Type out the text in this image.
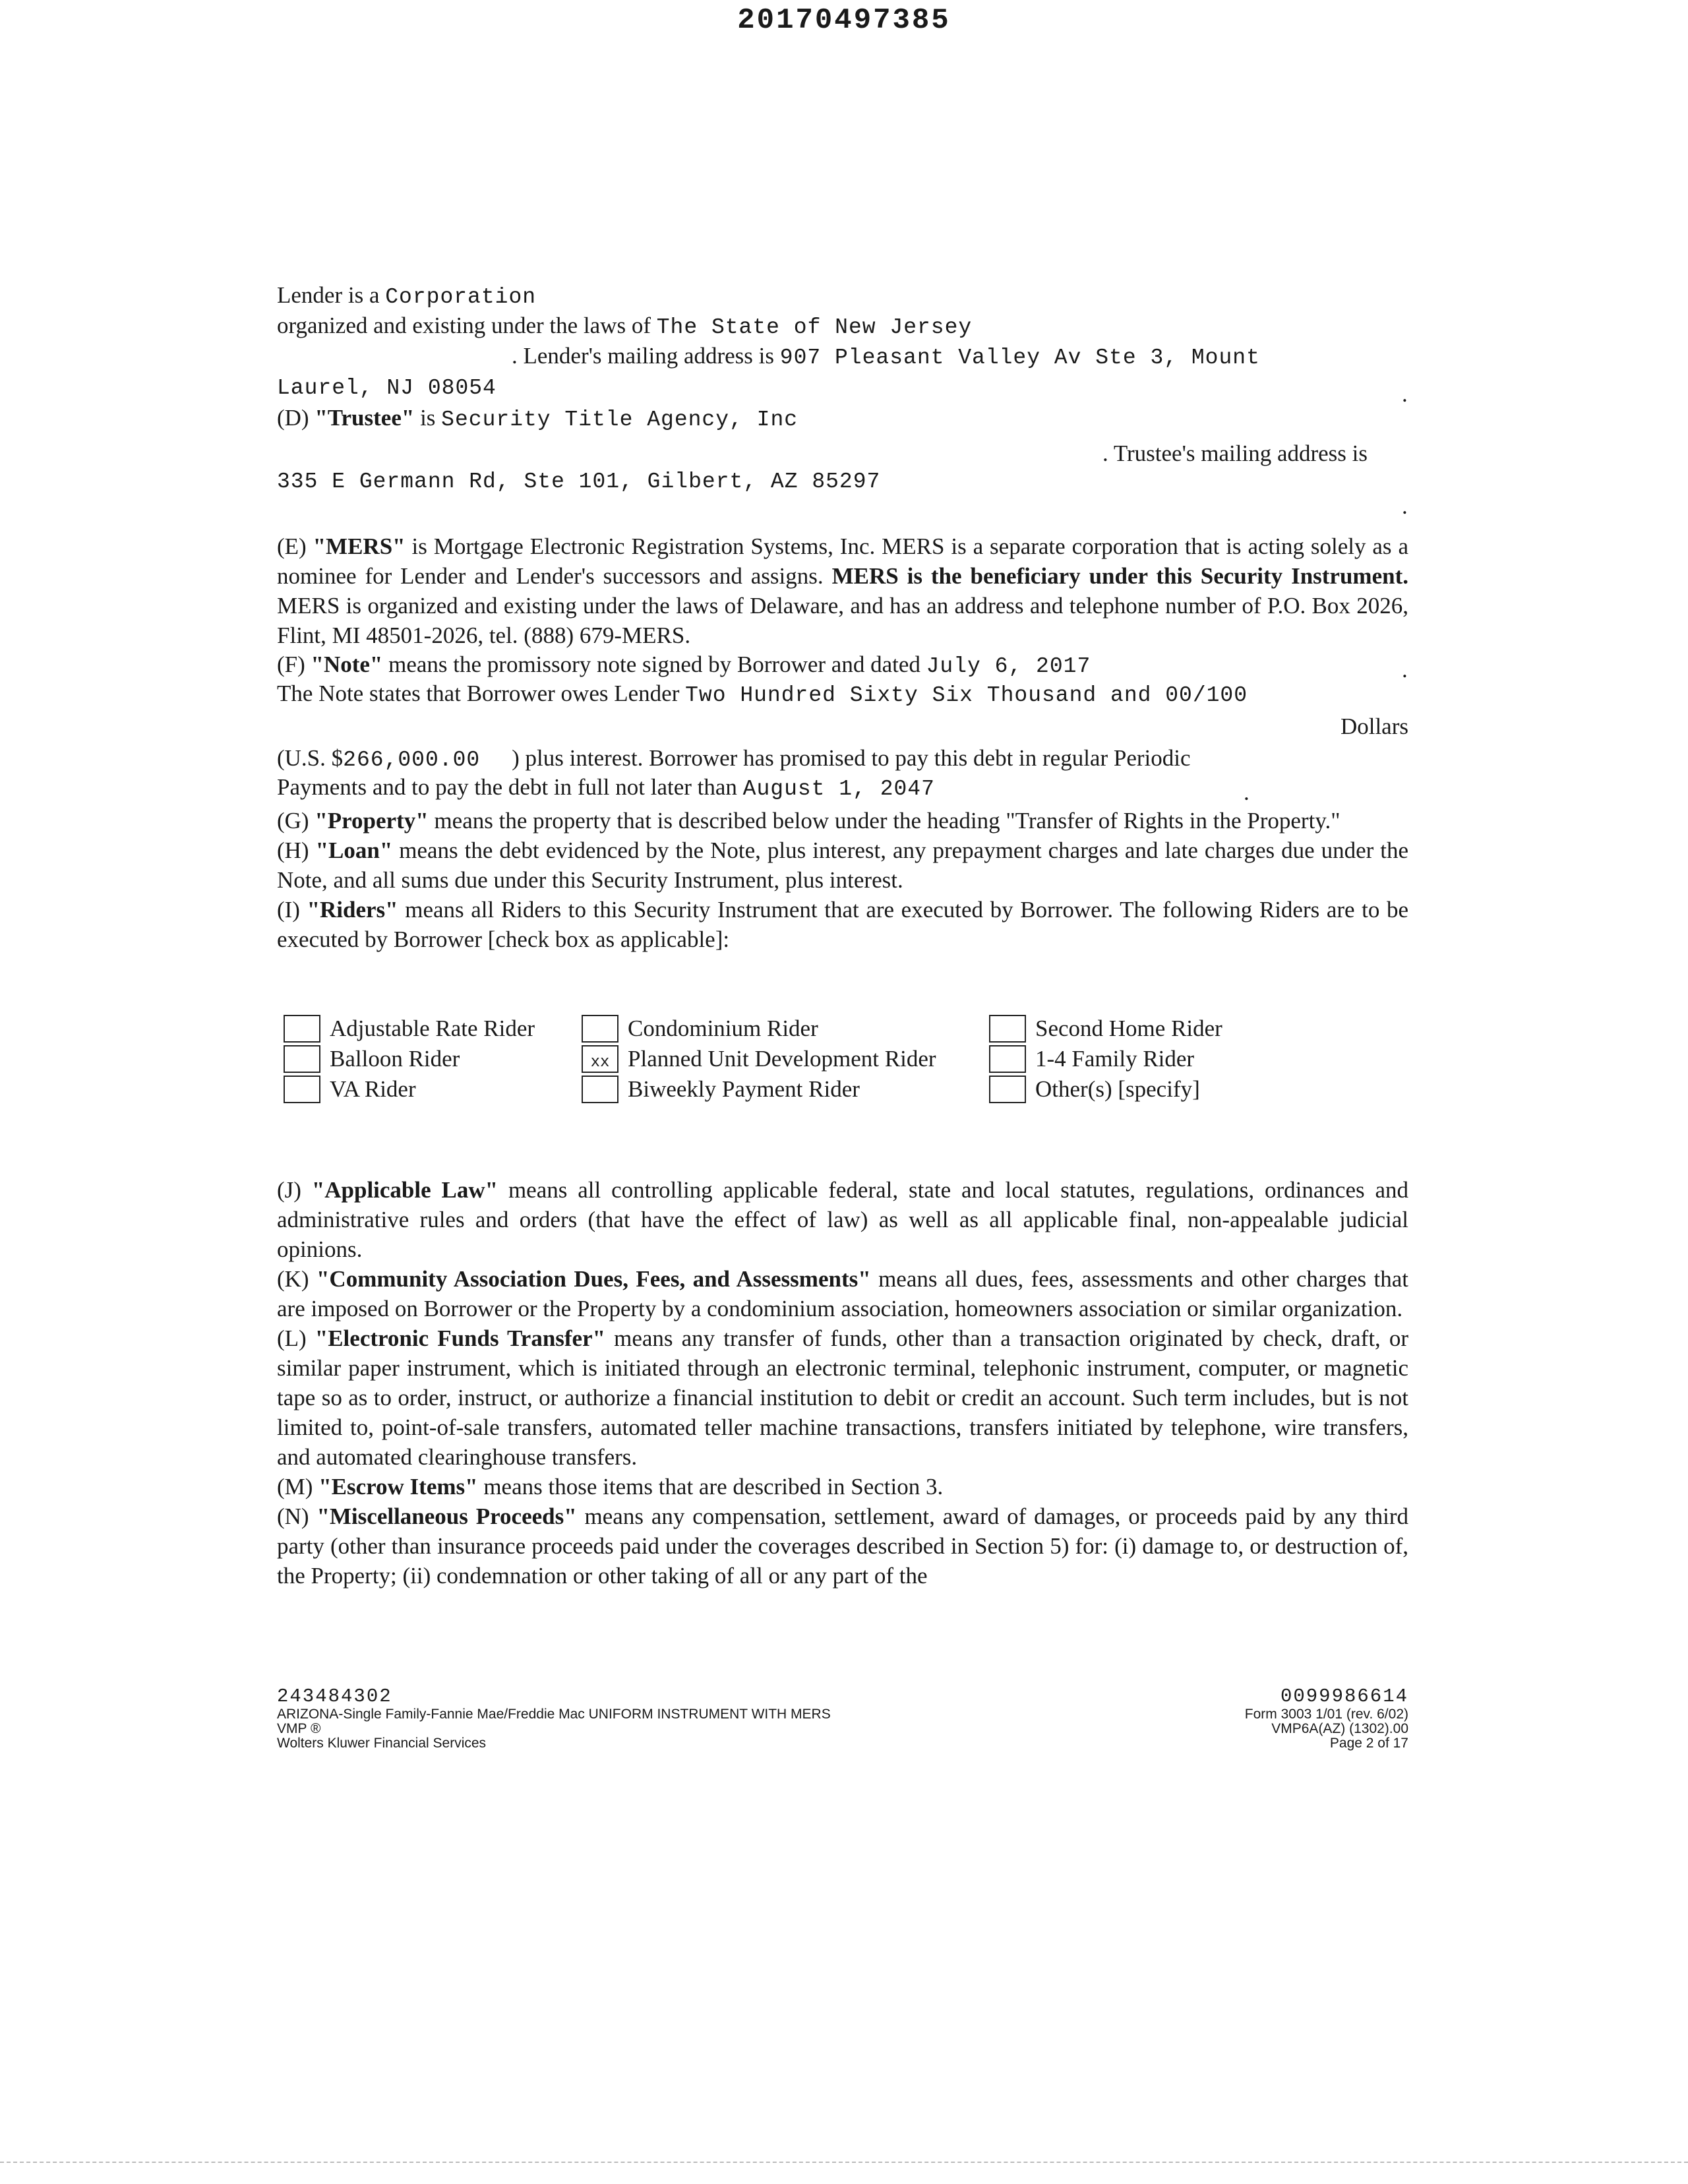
20170497385
Lender is a Corporation
organized and existing under the laws of The State of New Jersey
. Lender's mailing address is 907 Pleasant Valley Av Ste 3, Mount
Laurel, NJ 08054	.
(D) "Trustee" is Security Title Agency, Inc
. Trustee's mailing address is
335 E Germann Rd, Ste 101, Gilbert, AZ 85297
.

(E) "MERS" is Mortgage Electronic Registration Systems, Inc. MERS is a separate corporation that is acting solely as a nominee for Lender and Lender's successors and assigns. MERS is the beneficiary under this Security Instrument. MERS is organized and existing under the laws of Delaware, and has an address and telephone number of P.O. Box 2026, Flint, MI 48501-2026, tel. (888) 679-MERS.

(F) "Note" means the promissory note signed by Borrower and dated July 6, 2017	.
The Note states that Borrower owes Lender Two Hundred Sixty Six Thousand and 00/100
Dollars
(U.S. $266,000.00 ) plus interest. Borrower has promised to pay this debt in regular Periodic
Payments and to pay the debt in full not later than August 1, 2047	.

(G) "Property" means the property that is described below under the heading "Transfer of Rights in the Property."

(H) "Loan" means the debt evidenced by the Note, plus interest, any prepayment charges and late charges due under the Note, and all sums due under this Security Instrument, plus interest.

(I) "Riders" means all Riders to this Security Instrument that are executed by Borrower. The following Riders are to be executed by Borrower [check box as applicable]:

Adjustable Rate Rider
Balloon Rider
VA Rider
Condominium Rider
xx Planned Unit Development Rider
Biweekly Payment Rider
Second Home Rider
1-4 Family Rider
Other(s) [specify]

(J) "Applicable Law" means all controlling applicable federal, state and local statutes, regulations, ordinances and administrative rules and orders (that have the effect of law) as well as all applicable final, non-appealable judicial opinions.

(K) "Community Association Dues, Fees, and Assessments" means all dues, fees, assessments and other charges that are imposed on Borrower or the Property by a condominium association, homeowners association or similar organization.

(L) "Electronic Funds Transfer" means any transfer of funds, other than a transaction originated by check, draft, or similar paper instrument, which is initiated through an electronic terminal, telephonic instrument, computer, or magnetic tape so as to order, instruct, or authorize a financial institution to debit or credit an account. Such term includes, but is not limited to, point-of-sale transfers, automated teller machine transactions, transfers initiated by telephone, wire transfers, and automated clearinghouse transfers.

(M) "Escrow Items" means those items that are described in Section 3.

(N) "Miscellaneous Proceeds" means any compensation, settlement, award of damages, or proceeds paid by any third party (other than insurance proceeds paid under the coverages described in Section 5) for: (i) damage to, or destruction of, the Property; (ii) condemnation or other taking of all or any part of the

243484302
ARIZONA-Single Family-Fannie Mae/Freddie Mac UNIFORM INSTRUMENT WITH MERS
VMP ®
Wolters Kluwer Financial Services
0099986614
Form 3003 1/01 (rev. 6/02)
VMP6A(AZ) (1302).00
Page 2 of 17
